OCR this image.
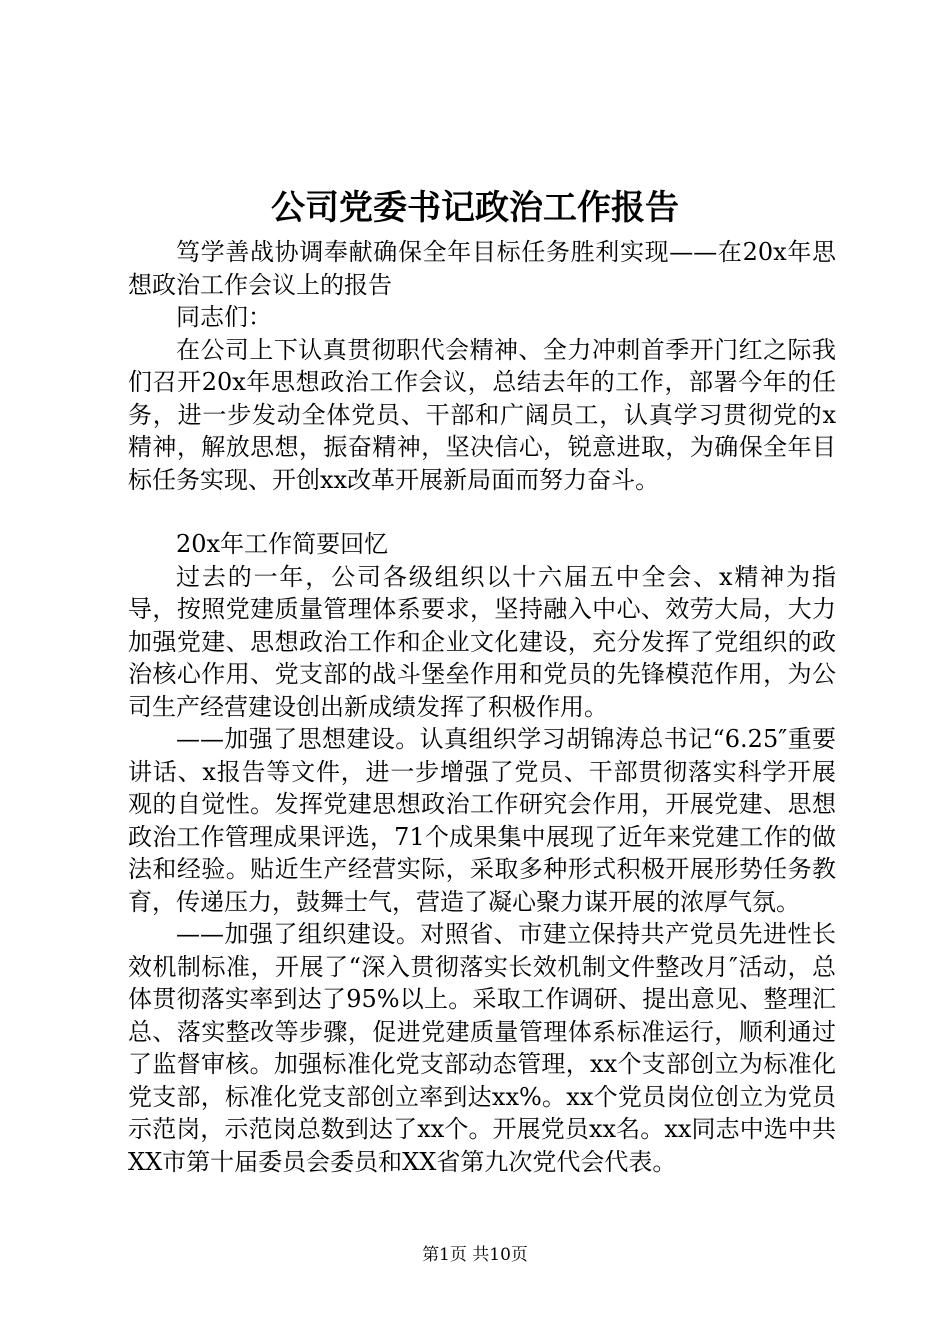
公司党委书记政治工作报告

笃学善战协调奉献确保全年目标任务胜利实现——在20x年思想政治工作会议上的报告

同志们：

在公司上下认真贯彻职代会精神、全力冲刺首季开门红之际我们召开20x年思想政治工作会议，总结去年的工作，部署今年的任务，进一步发动全体党员、干部和广阔员工，认真学习贯彻党的x精神，解放思想，振奋精神，坚决信心，锐意进取，为确保全年目标任务实现、开创xx改革开展新局面而努力奋斗。

20x年工作简要回忆

过去的一年，公司各级组织以十六届五中全会、x精神为指导，按照党建质量管理体系要求，坚持融入中心、效劳大局，大力加强党建、思想政治工作和企业文化建设，充分发挥了党组织的政治核心作用、党支部的战斗堡垒作用和党员的先锋模范作用，为公司生产经营建设创出新成绩发挥了积极作用。

——加强了思想建设。认真组织学习胡锦涛总书记“6.25″重要讲话、x报告等文件，进一步增强了党员、干部贯彻落实科学开展观的自觉性。发挥党建思想政治工作研究会作用，开展党建、思想政治工作管理成果评选，71个成果集中展现了近年来党建工作的做法和经验。贴近生产经营实际，采取多种形式积极开展形势任务教育，传递压力，鼓舞士气，营造了凝心聚力谋开展的浓厚气氛。

——加强了组织建设。对照省、市建立保持共产党员先进性长效机制标准，开展了“深入贯彻落实长效机制文件整改月″活动，总体贯彻落实率到达了95%以上。采取工作调研、提出意见、整理汇总、落实整改等步骤，促进党建质量管理体系标准运行，顺利通过了监督审核。加强标准化党支部动态管理，xx个支部创立为标准化党支部，标准化党支部创立率到达xx%。xx个党员岗位创立为党员示范岗，示范岗总数到达了xx个。开展党员xx名。xx同志中选中共XX市第十届委员会委员和XX省第九次党代会代表。

第1页 共10页
